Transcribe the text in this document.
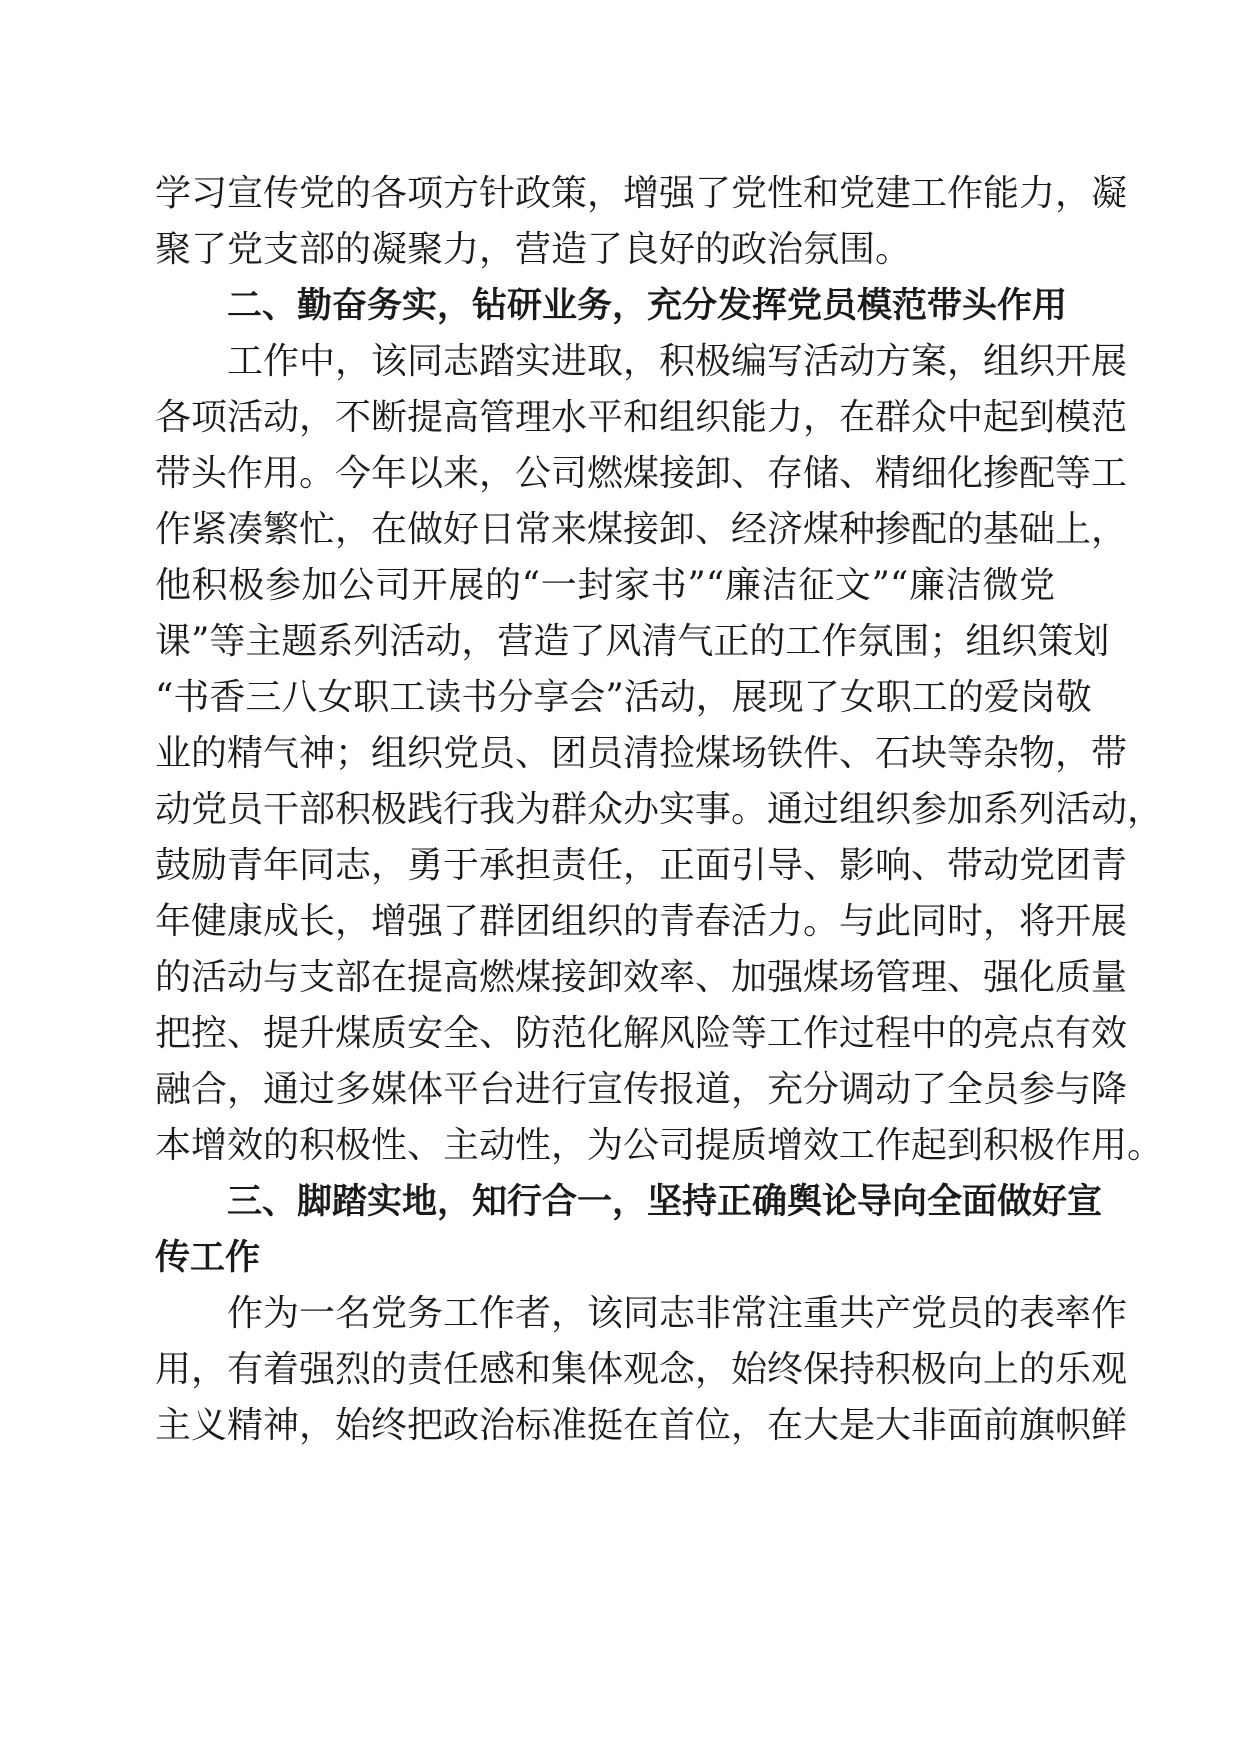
学习宣传党的各项方针政策，增强了党性和党建工作能力，凝

聚了党支部的凝聚力，营造了良好的政治氛围。

二、勤奋务实，钻研业务，充分发挥党员模范带头作用

工作中，该同志踏实进取，积极编写活动方案，组织开展

各项活动，不断提高管理水平和组织能力，在群众中起到模范

带头作用。今年以来，公司燃煤接卸、存储、精细化掺配等工

作紧凑繁忙，在做好日常来煤接卸、经济煤种掺配的基础上，

他积极参加公司开展的“一封家书”“廉洁征文”“廉洁微党

课”等主题系列活动，营造了风清气正的工作氛围；组织策划

“书香三八女职工读书分享会”活动，展现了女职工的爱岗敬

业的精气神；组织党员、团员清捡煤场铁件、石块等杂物，带

动党员干部积极践行我为群众办实事。通过组织参加系列活动，

鼓励青年同志，勇于承担责任，正面引导、影响、带动党团青

年健康成长，增强了群团组织的青春活力。与此同时，将开展

的活动与支部在提高燃煤接卸效率、加强煤场管理、强化质量

把控、提升煤质安全、防范化解风险等工作过程中的亮点有效

融合，通过多媒体平台进行宣传报道，充分调动了全员参与降

本增效的积极性、主动性，为公司提质增效工作起到积极作用。

三、脚踏实地，知行合一，坚持正确舆论导向全面做好宣

传工作

作为一名党务工作者，该同志非常注重共产党员的表率作

用，有着强烈的责任感和集体观念，始终保持积极向上的乐观

主义精神，始终把政治标准挺在首位，在大是大非面前旗帜鲜
